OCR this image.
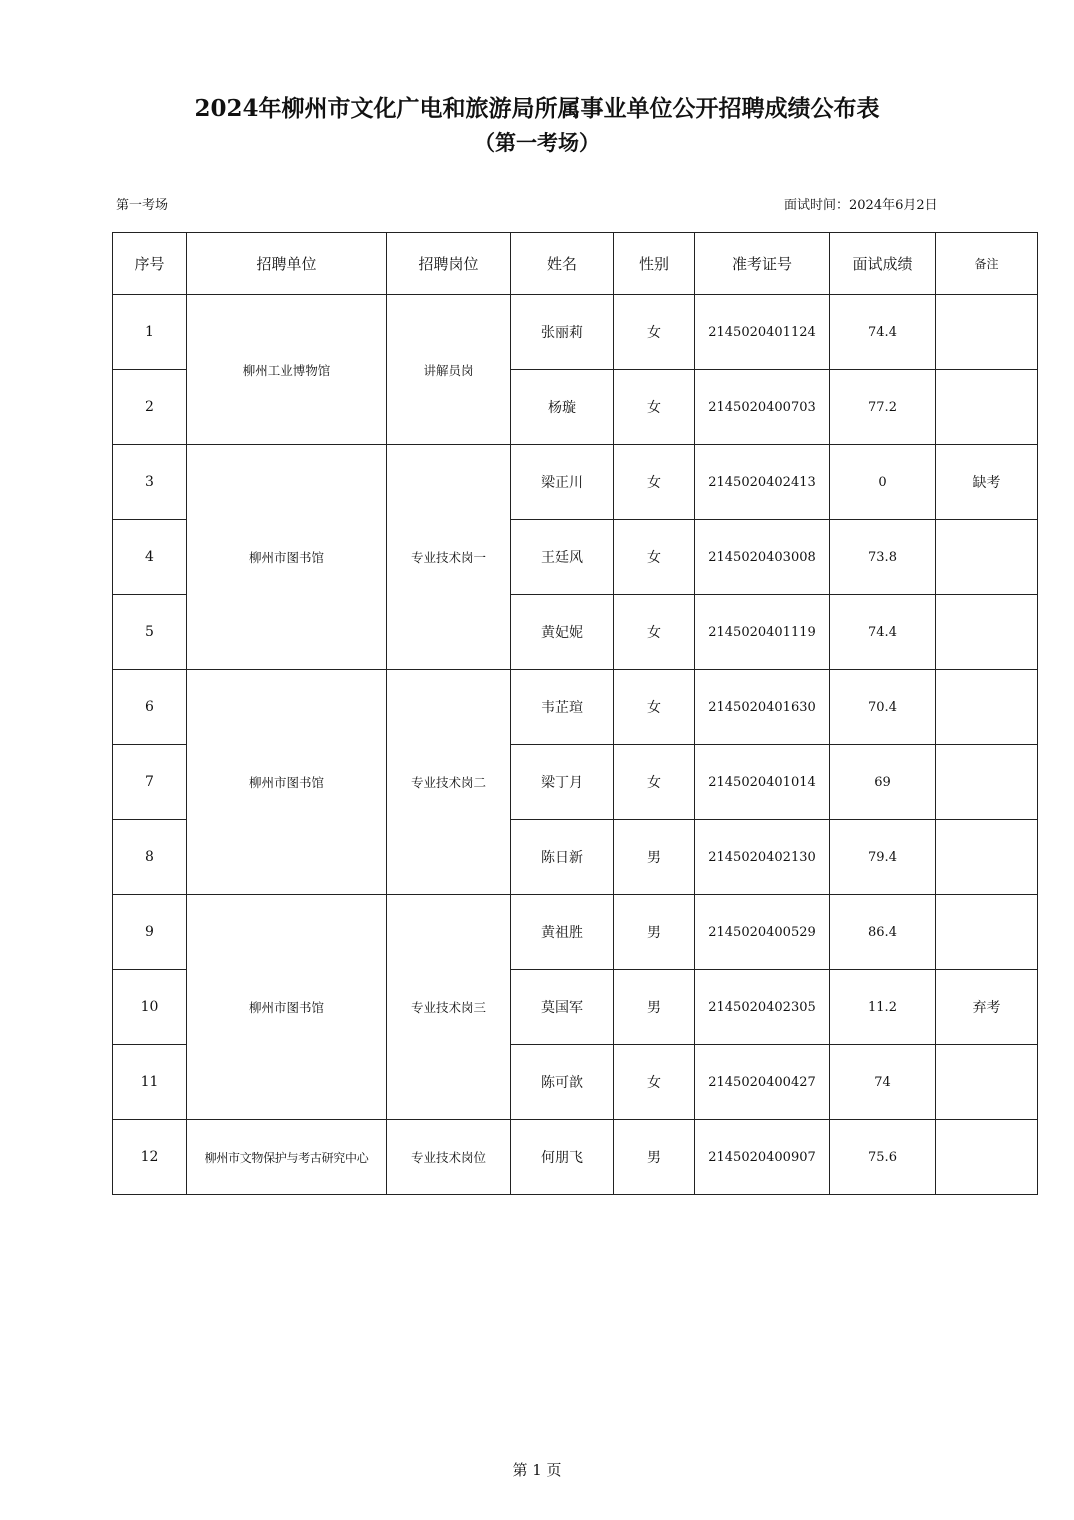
2024年柳州市文化广电和旅游局所属事业单位公开招聘成绩公布表
（第一考场）
第一考场	面试时间：2024年6月2日
序号	招聘单位	招聘岗位	姓名	性别	准考证号	面试成绩	备注
1	柳州工业博物馆	讲解员岗	张丽莉	女	2145020401124	74.4	
2			杨璇	女	2145020400703	77.2	
3	柳州市图书馆	专业技术岗一	梁正川	女	2145020402413	0	缺考
4			王廷风	女	2145020403008	73.8	
5			黄妃妮	女	2145020401119	74.4	
6	柳州市图书馆	专业技术岗二	韦芷瑄	女	2145020401630	70.4	
7			梁丁月	女	2145020401014	69	
8			陈日新	男	2145020402130	79.4	
9	柳州市图书馆	专业技术岗三	黄祖胜	男	2145020400529	86.4	
10			莫国军	男	2145020402305	11.2	弃考
11			陈可歆	女	2145020400427	74	
12	柳州市文物保护与考古研究中心	专业技术岗位	何朋飞	男	2145020400907	75.6	
第 1 页
